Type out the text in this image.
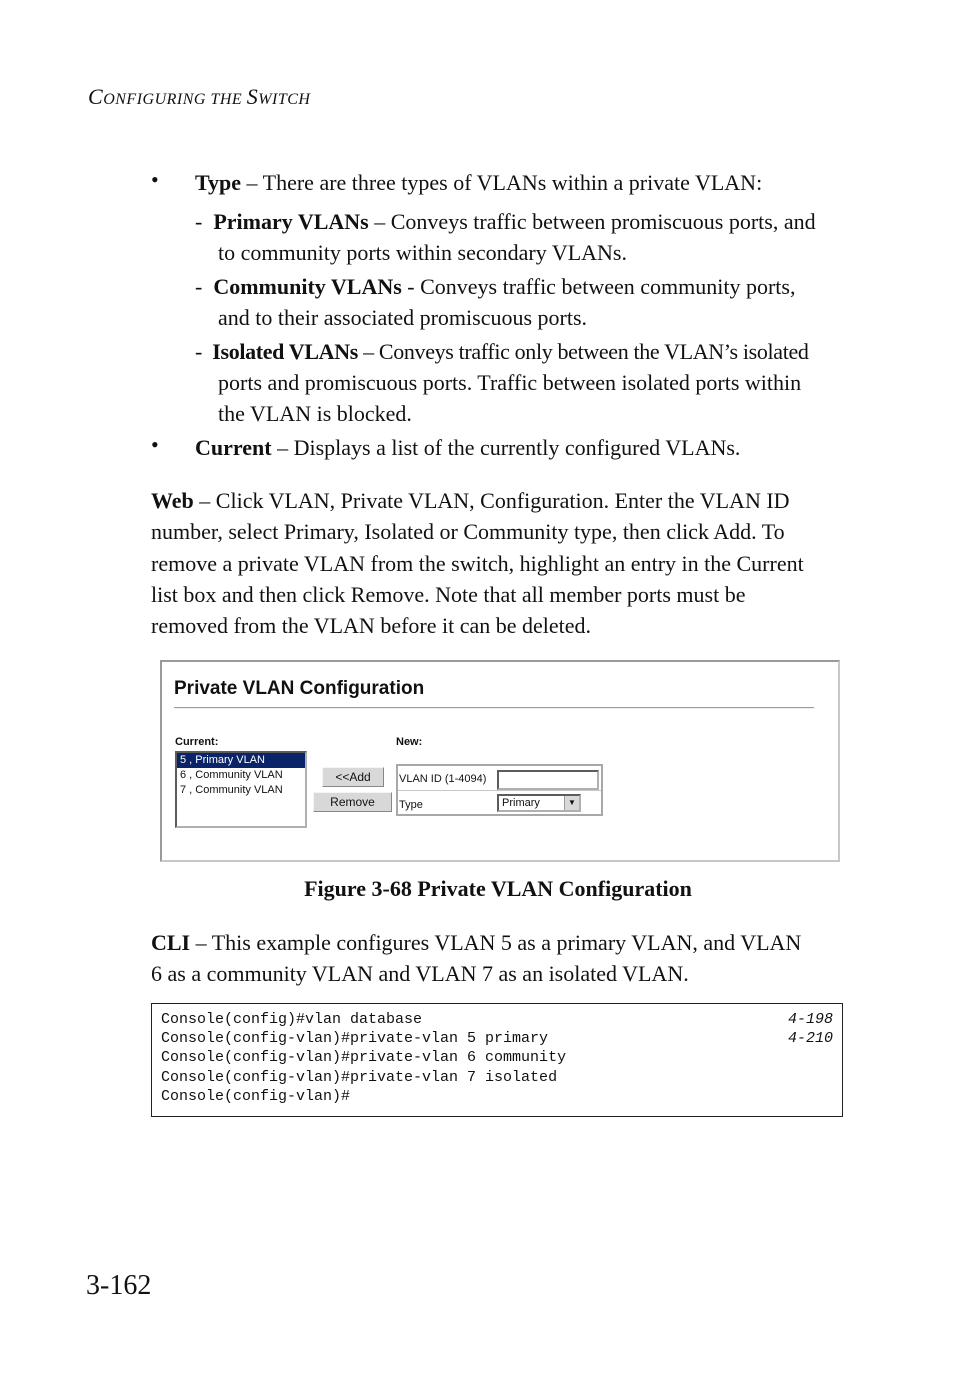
CONFIGURING THE SWITCH
• Type – There are three types of VLANs within a private VLAN:
- Primary VLANs – Conveys traffic between promiscuous ports, and
to community ports within secondary VLANs.
- Community VLANs - Conveys traffic between community ports,
and to their associated promiscuous ports.
- Isolated VLANs – Conveys traffic only between the VLAN’s isolated
ports and promiscuous ports. Traffic between isolated ports within
the VLAN is blocked.
• Current – Displays a list of the currently configured VLANs.
Web – Click VLAN, Private VLAN, Configuration. Enter the VLAN ID
number, select Primary, Isolated or Community type, then click Add. To
remove a private VLAN from the switch, highlight an entry in the Current
list box and then click Remove. Note that all member ports must be
removed from the VLAN before it can be deleted.
Private VLAN Configuration
Current:
5 , Primary VLAN
6 , Community VLAN
7 , Community VLAN
<<Add
Remove
New:
VLAN ID (1-4094)
Type	Primary	▼
Figure 3-68 Private VLAN Configuration
CLI – This example configures VLAN 5 as a primary VLAN, and VLAN
6 as a community VLAN and VLAN 7 as an isolated VLAN.
Console(config)#vlan database	4-198
Console(config-vlan)#private-vlan 5 primary	4-210
Console(config-vlan)#private-vlan 6 community
Console(config-vlan)#private-vlan 7 isolated
Console(config-vlan)#
3-162
